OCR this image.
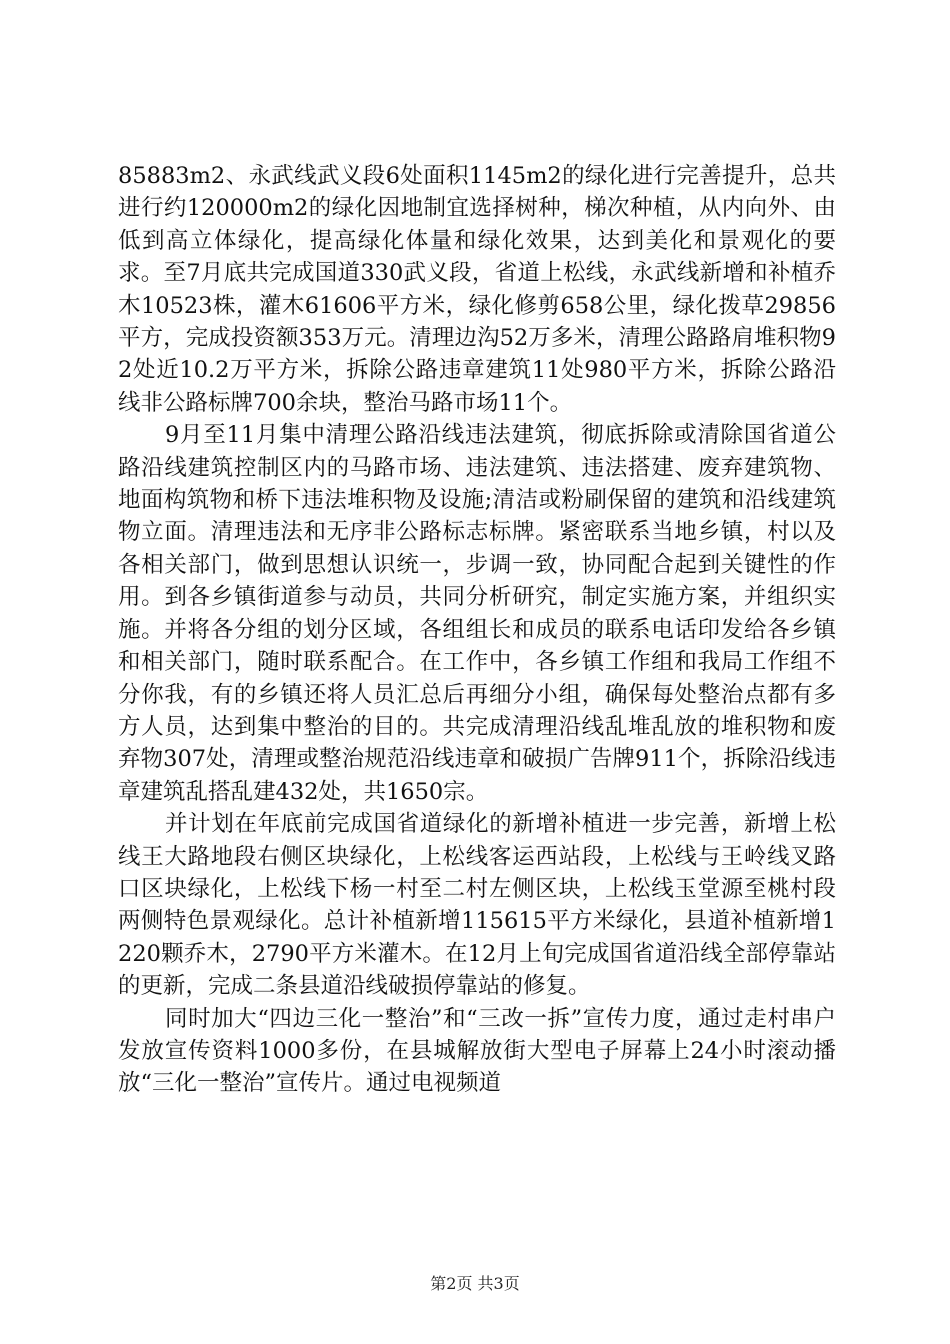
85883m2、永武线武义段6处面积1145m2的绿化进行完善提升，总共进行约120000m2的绿化因地制宜选择树种，梯次种植，从内向外、由低到高立体绿化，提高绿化体量和绿化效果，达到美化和景观化的要求。至7月底共完成国道330武义段，省道上松线，永武线新增和补植乔木10523株，灌木61606平方米，绿化修剪658公里，绿化拨草29856平方，完成投资额353万元。清理边沟52万多米，清理公路路肩堆积物92处近10.2万平方米，拆除公路违章建筑11处980平方米，拆除公路沿线非公路标牌700余块，整治马路市场11个。

9月至11月集中清理公路沿线违法建筑，彻底拆除或清除国省道公路沿线建筑控制区内的马路市场、违法建筑、违法搭建、废弃建筑物、地面构筑物和桥下违法堆积物及设施;清洁或粉刷保留的建筑和沿线建筑物立面。清理违法和无序非公路标志标牌。紧密联系当地乡镇，村以及各相关部门，做到思想认识统一，步调一致，协同配合起到关键性的作用。到各乡镇街道参与动员，共同分析研究，制定实施方案，并组织实施。并将各分组的划分区域，各组组长和成员的联系电话印发给各乡镇和相关部门，随时联系配合。在工作中，各乡镇工作组和我局工作组不分你我，有的乡镇还将人员汇总后再细分小组，确保每处整治点都有多方人员，达到集中整治的目的。共完成清理沿线乱堆乱放的堆积物和废弃物307处，清理或整治规范沿线违章和破损广告牌911个，拆除沿线违章建筑乱搭乱建432处，共1650宗。

并计划在年底前完成国省道绿化的新增补植进一步完善，新增上松线王大路地段右侧区块绿化，上松线客运西站段，上松线与王岭线叉路口区块绿化，上松线下杨一村至二村左侧区块，上松线玉堂源至桃村段两侧特色景观绿化。总计补植新增115615平方米绿化，县道补植新增1220颗乔木，2790平方米灌木。在12月上旬完成国省道沿线全部停靠站的更新，完成二条县道沿线破损停靠站的修复。

同时加大“四边三化一整治”和“三改一拆”宣传力度，通过走村串户发放宣传资料1000多份，在县城解放街大型电子屏幕上24小时滚动播放“三化一整治”宣传片。通过电视频道

第2页 共3页
